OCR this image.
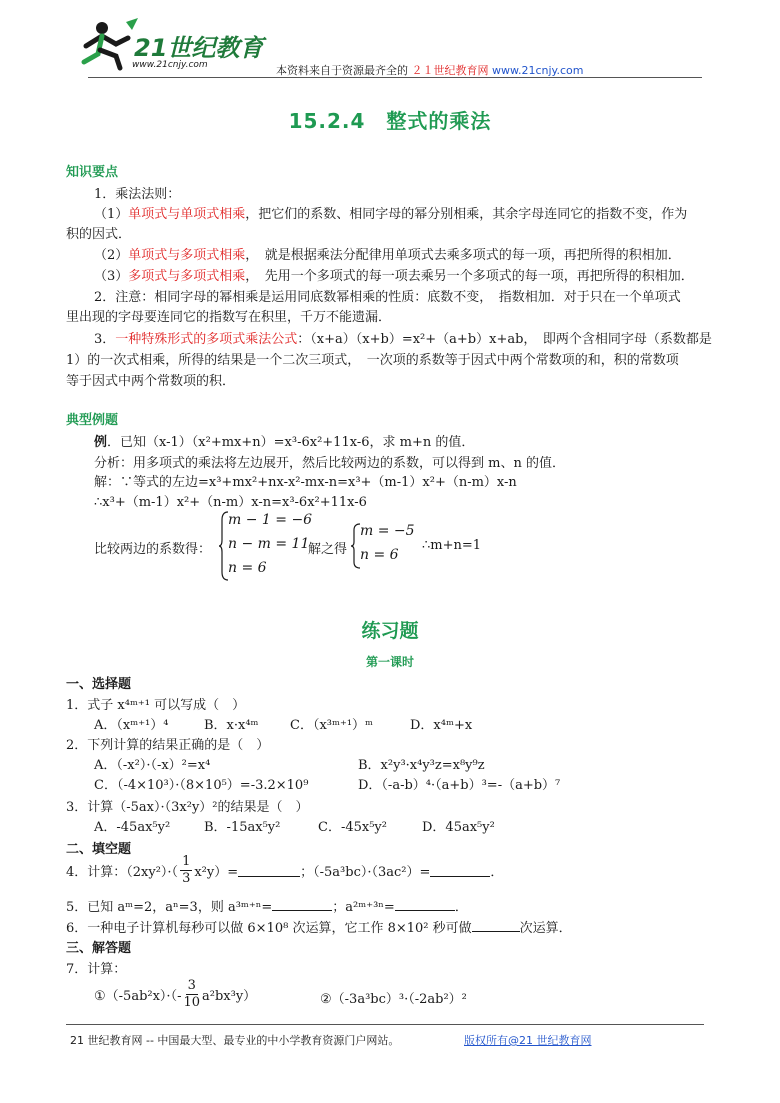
21世纪教育
www.21cnjy.com	本资料来自于资源最齐全的 ２１世纪教育网 www.21cnjy.com
15.2.4　整式的乘法
知识要点
1．乘法法则：
（1）单项式与单项式相乘，把它们的系数、相同字母的幂分别相乘，其余字母连同它的指数不变，作为
积的因式．
（2）单项式与多项式相乘，　就是根据乘法分配律用单项式去乘多项式的每一项，再把所得的积相加．
（3）多项式与多项式相乘，　先用一个多项式的每一项去乘另一个多项式的每一项，再把所得的积相加．
2．注意：相同字母的幂相乘是运用同底数幂相乘的性质：底数不变，　指数相加．对于只在一个单项式
里出现的字母要连同它的指数写在积里，千万不能遗漏．
3．一种特殊形式的多项式乘法公式：（x+a）（x+b）=x²+（a+b）x+ab，　即两个含相同字母（系数都是
1）的一次式相乘，所得的结果是一个二次三项式，　一次项的系数等于因式中两个常数项的和，积的常数项
等于因式中两个常数项的积．
典型例题
例．已知（x-1）（x²+mx+n）=x³-6x²+11x-6，求 m+n 的值．
分析：用多项式的乘法将左边展开，然后比较两边的系数，可以得到 m、n 的值．
解：∵等式的左边=x³+mx²+nx-x²-mx-n=x³+（m-1）x²+（n-m）x-n
∴x³+（m-1）x²+（n-m）x-n=x³-6x²+11x-6
比较两边的系数得：
m − 1 = −6
n − m = 11
n = 6
解之得
m = −5
n = 6
∴m+n=1
练习题
第一课时
一、选择题
1．式子 x⁴ᵐ⁺¹ 可以写成（　）
A．（xᵐ⁺¹）⁴	B．x·x⁴ᵐ C．（x³ᵐ⁺¹）ᵐ	D．x⁴ᵐ+x
2．下列计算的结果正确的是（　）
A．（-x²）·（-x）²=x⁴	B．x²y³·x⁴y³z=x⁸y⁹z
C．（-4×10³）·（8×10⁵）=-3.2×10⁹	D．（-a-b）⁴·（a+b）³=-（a+b）⁷
3．计算（-5ax）·（3x²y）²的结果是（　）
A．-45ax⁵y²	B．-15ax⁵y²	C．-45x⁵y²	D．45ax⁵y²
二、填空题
4．计算：$(2xy^2)\cdot( \frac{1}{3} x^2y)=$	；（-5a³bc）·（3ac²）=	．
5．已知 aᵐ=2，aⁿ=3，则 a³ᵐ⁺ⁿ=	；a²ᵐ⁺³ⁿ=	．
6．一种电子计算机每秒可以做 6×10⁸ 次运算，它工作 8×10² 秒可做	次运算．
三、解答题
7．计算：
①（-5ab²x）·（- $\frac{3}{10} a^2bx^3y$）	②（-3a³bc）³·（-2ab²）²
21 世纪教育网 -- 中国最大型、最专业的中小学教育资源门户网站。	版权所有@21 世纪教育网
